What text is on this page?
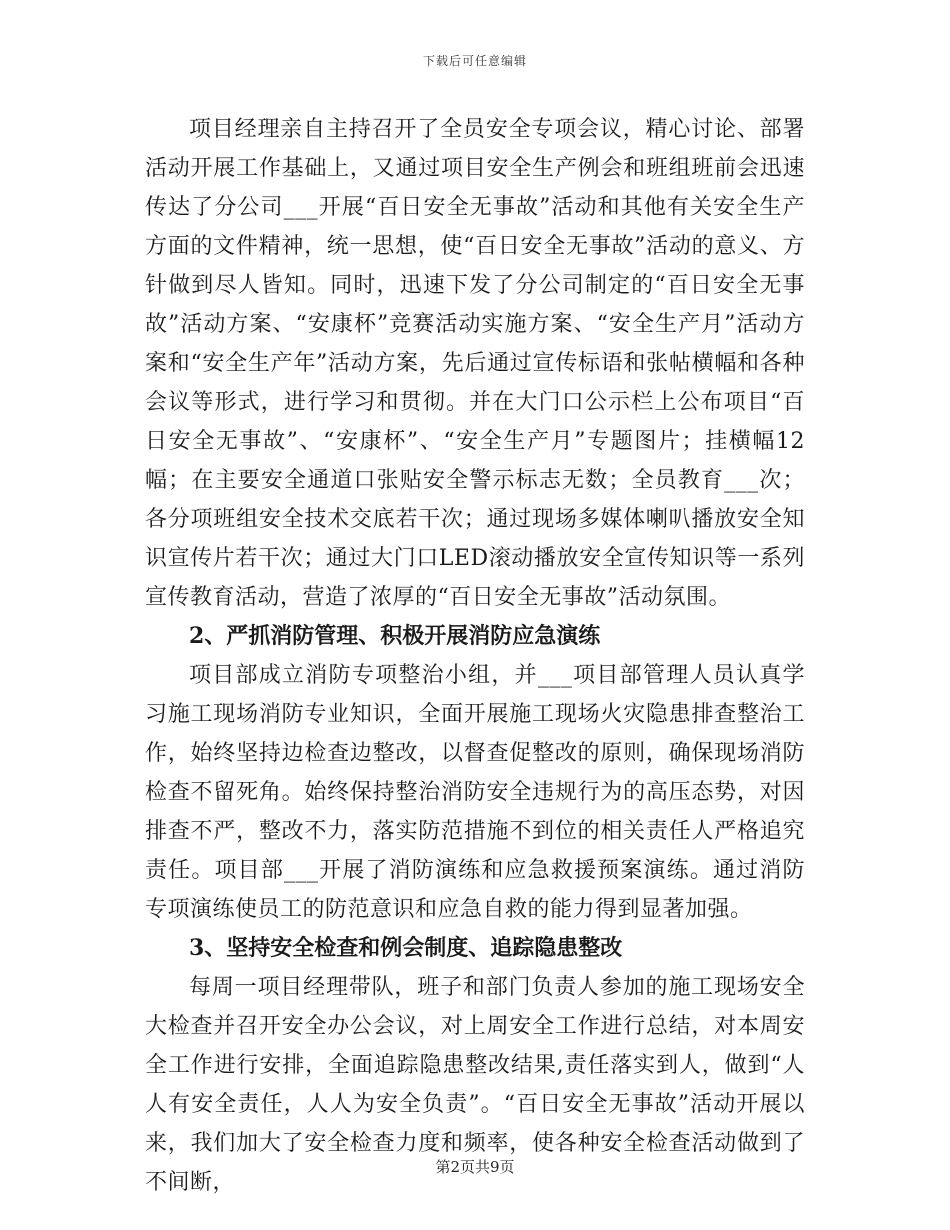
下载后可任意编辑

项目经理亲自主持召开了全员安全专项会议，精心讨论、部署活动开展工作基础上，又通过项目安全生产例会和班组班前会迅速传达了分公司___开展“百日安全无事故”活动和其他有关安全生产方面的文件精神，统一思想，使“百日安全无事故”活动的意义、方针做到尽人皆知。同时，迅速下发了分公司制定的“百日安全无事故”活动方案、“安康杯”竞赛活动实施方案、“安全生产月”活动方案和“安全生产年”活动方案，先后通过宣传标语和张帖横幅和各种会议等形式，进行学习和贯彻。并在大门口公示栏上公布项目“百日安全无事故”、“安康杯”、“安全生产月”专题图片；挂横幅12幅；在主要安全通道口张贴安全警示标志无数；全员教育___次；各分项班组安全技术交底若干次；通过现场多媒体喇叭播放安全知识宣传片若干次；通过大门口LED滚动播放安全宣传知识等一系列宣传教育活动，营造了浓厚的“百日安全无事故”活动氛围。

2、严抓消防管理、积极开展消防应急演练

项目部成立消防专项整治小组，并___项目部管理人员认真学习施工现场消防专业知识，全面开展施工现场火灾隐患排查整治工作，始终坚持边检查边整改，以督查促整改的原则，确保现场消防检查不留死角。始终保持整治消防安全违规行为的高压态势，对因排查不严，整改不力，落实防范措施不到位的相关责任人严格追究责任。项目部___开展了消防演练和应急救援预案演练。通过消防专项演练使员工的防范意识和应急自救的能力得到显著加强。

3、坚持安全检查和例会制度、追踪隐患整改

每周一项目经理带队，班子和部门负责人参加的施工现场安全大检查并召开安全办公会议，对上周安全工作进行总结，对本周安全工作进行安排，全面追踪隐患整改结果,责任落实到人，做到“人人有安全责任，人人为安全负责”。“百日安全无事故”活动开展以来，我们加大了安全检查力度和频率，使各种安全检查活动做到了不间断，

第2页共9页
